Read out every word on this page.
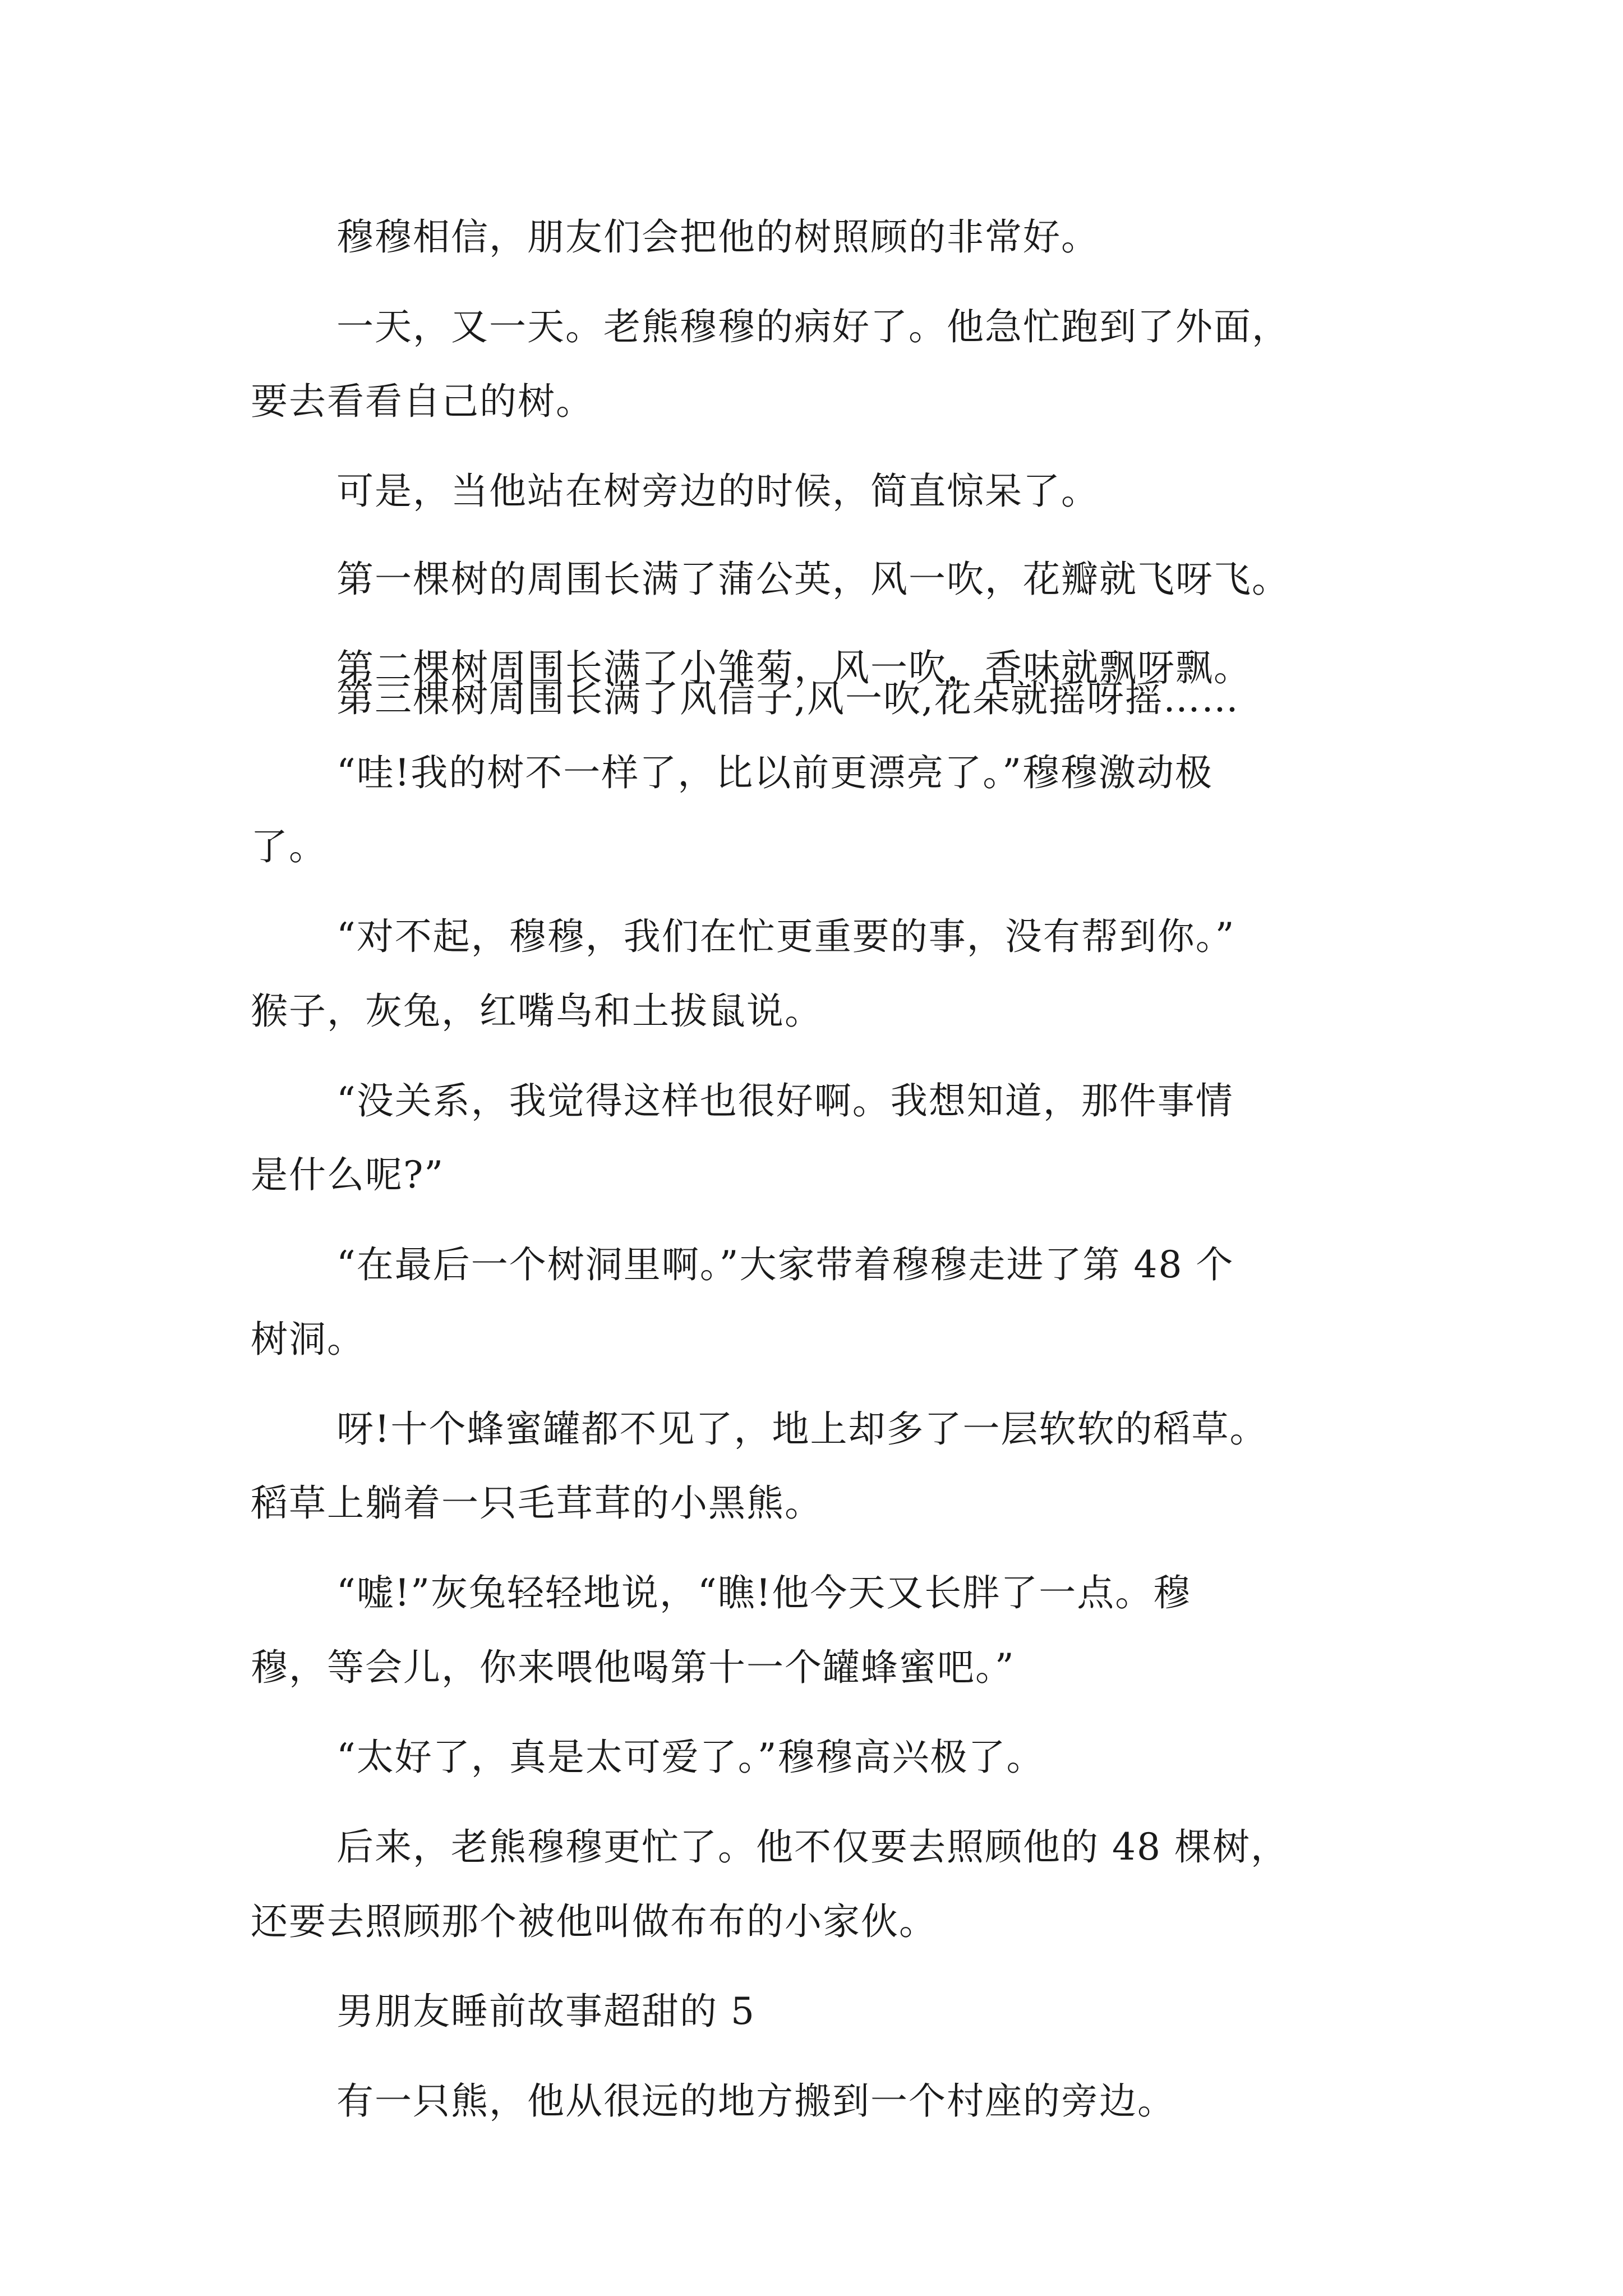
穆穆相信，朋友们会把他的树照顾的非常好。
一天，又一天。老熊穆穆的病好了。他急忙跑到了外面，
要去看看自己的树。
可是，当他站在树旁边的时候，简直惊呆了。
第一棵树的周围长满了蒲公英，风一吹，花瓣就飞呀飞。
第二棵树周围长满了小雏菊，风一吹，香味就飘呀飘。
第三棵树周围长满了风信子,风一吹,花朵就摇呀摇……
“哇!我的树不一样了，比以前更漂亮了。”穆穆激动极
了。
“对不起，穆穆，我们在忙更重要的事，没有帮到你。”
猴子，灰兔，红嘴鸟和土拔鼠说。
“没关系，我觉得这样也很好啊。我想知道，那件事情
是什么呢?”
“在最后一个树洞里啊。”大家带着穆穆走进了第 48 个
树洞。
呀!十个蜂蜜罐都不见了，地上却多了一层软软的稻草。
稻草上躺着一只毛茸茸的小黑熊。
“嘘!”灰兔轻轻地说，“瞧!他今天又长胖了一点。穆
穆，等会儿，你来喂他喝第十一个罐蜂蜜吧。”
“太好了，真是太可爱了。”穆穆高兴极了。
后来，老熊穆穆更忙了。他不仅要去照顾他的 48 棵树，
还要去照顾那个被他叫做布布的小家伙。
男朋友睡前故事超甜的 5
有一只熊，他从很远的地方搬到一个村座的旁边。
